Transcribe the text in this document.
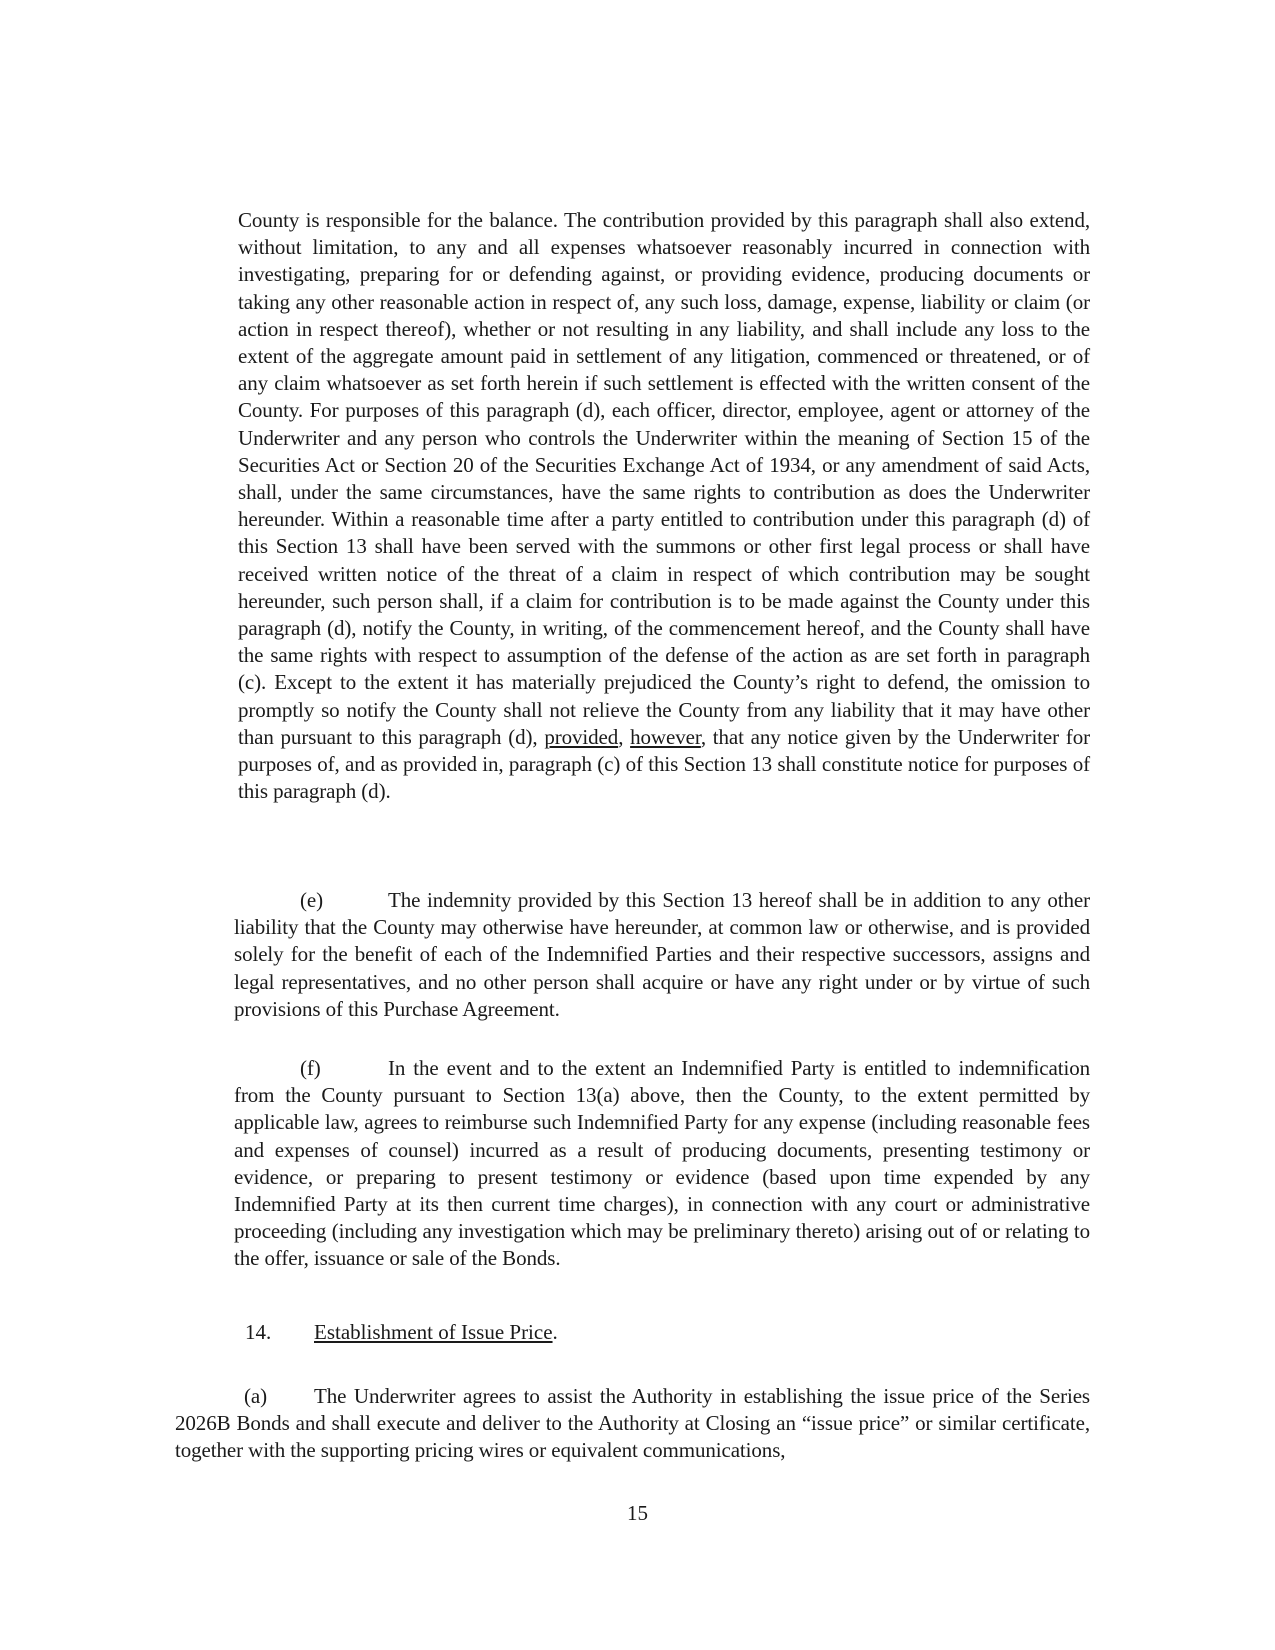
County is responsible for the balance. The contribution provided by this paragraph shall also extend, without limitation, to any and all expenses whatsoever reasonably incurred in connection with investigating, preparing for or defending against, or providing evidence, producing documents or taking any other reasonable action in respect of, any such loss, damage, expense, liability or claim (or action in respect thereof), whether or not resulting in any liability, and shall include any loss to the extent of the aggregate amount paid in settlement of any litigation, commenced or threatened, or of any claim whatsoever as set forth herein if such settlement is effected with the written consent of the County. For purposes of this paragraph (d), each officer, director, employee, agent or attorney of the Underwriter and any person who controls the Underwriter within the meaning of Section 15 of the Securities Act or Section 20 of the Securities Exchange Act of 1934, or any amendment of said Acts, shall, under the same circumstances, have the same rights to contribution as does the Underwriter hereunder. Within a reasonable time after a party entitled to contribution under this paragraph (d) of this Section 13 shall have been served with the summons or other first legal process or shall have received written notice of the threat of a claim in respect of which contribution may be sought hereunder, such person shall, if a claim for contribution is to be made against the County under this paragraph (d), notify the County, in writing, of the commencement hereof, and the County shall have the same rights with respect to assumption of the defense of the action as are set forth in paragraph (c). Except to the extent it has materially prejudiced the County’s right to defend, the omission to promptly so notify the County shall not relieve the County from any liability that it may have other than pursuant to this paragraph (d), provided, however, that any notice given by the Underwriter for purposes of, and as provided in, paragraph (c) of this Section 13 shall constitute notice for purposes of this paragraph (d).

(e)	The indemnity provided by this Section 13 hereof shall be in addition to any other liability that the County may otherwise have hereunder, at common law or otherwise, and is provided solely for the benefit of each of the Indemnified Parties and their respective successors, assigns and legal representatives, and no other person shall acquire or have any right under or by virtue of such provisions of this Purchase Agreement.

(f)	In the event and to the extent an Indemnified Party is entitled to indemnification from the County pursuant to Section 13(a) above, then the County, to the extent permitted by applicable law, agrees to reimburse such Indemnified Party for any expense (including reasonable fees and expenses of counsel) incurred as a result of producing documents, presenting testimony or evidence, or preparing to present testimony or evidence (based upon time expended by any Indemnified Party at its then current time charges), in connection with any court or administrative proceeding (including any investigation which may be preliminary thereto) arising out of or relating to the offer, issuance or sale of the Bonds.

14. Establishment of Issue Price.

(a) The Underwriter agrees to assist the Authority in establishing the issue price of the Series 2026B Bonds and shall execute and deliver to the Authority at Closing an “issue price” or similar certificate, together with the supporting pricing wires or equivalent communications,

15
